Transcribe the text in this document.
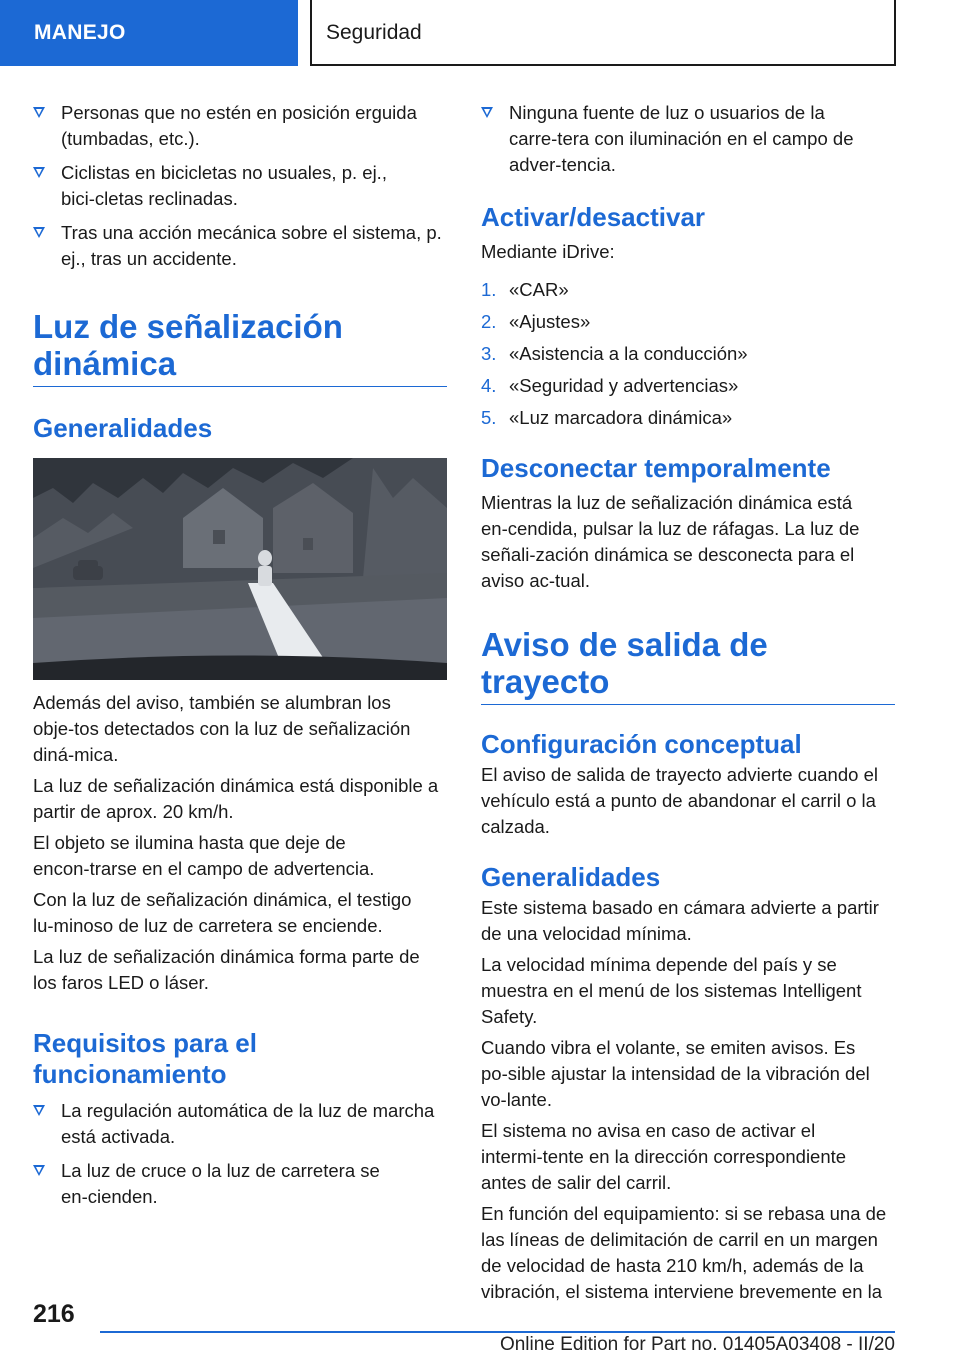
MANEJO	Seguridad
Personas que no estén en posición erguida (tumbadas, etc.).
Ciclistas en bicicletas no usuales, p. ej., bici‑cletas reclinadas.
Tras una acción mecánica sobre el sistema, p. ej., tras un accidente.
Luz de señalización dinámica
Generalidades

Además del aviso, también se alumbran los obje‑tos detectados con la luz de señalización diná‑mica.

La luz de señalización dinámica está disponible a partir de aprox. 20 km/h.

El objeto se ilumina hasta que deje de encon‑trarse en el campo de advertencia.

Con la luz de señalización dinámica, el testigo lu‑minoso de luz de carretera se enciende.

La luz de señalización dinámica forma parte de los faros LED o láser.

Requisitos para el funcionamiento
La regulación automática de la luz de marcha está activada.
La luz de cruce o la luz de carretera se en‑cienden.
Ninguna fuente de luz o usuarios de la carre‑tera con iluminación en el campo de adver‑tencia.
Activar/desactivar

Mediante iDrive:

1. «CAR»
2. «Ajustes»
3. «Asistencia a la conducción»
4. «Seguridad y advertencias»
5. «Luz marcadora dinámica»
Desconectar temporalmente

Mientras la luz de señalización dinámica está en‑cendida, pulsar la luz de ráfagas. La luz de señali‑zación dinámica se desconecta para el aviso ac‑tual.

Aviso de salida de trayecto
Configuración conceptual

El aviso de salida de trayecto advierte cuando el vehículo está a punto de abandonar el carril o la calzada.

Generalidades

Este sistema basado en cámara advierte a partir de una velocidad mínima.

La velocidad mínima depende del país y se muestra en el menú de los sistemas Intelligent Safety.

Cuando vibra el volante, se emiten avisos. Es po‑sible ajustar la intensidad de la vibración del vo‑lante.

El sistema no avisa en caso de activar el intermi‑tente en la dirección correspondiente antes de salir del carril.

En función del equipamiento: si se rebasa una de las líneas de delimitación de carril en un margen de velocidad de hasta 210 km/h, además de la vibración, el sistema interviene brevemente en la

216
Online Edition for Part no. 01405A03408 - II/20
